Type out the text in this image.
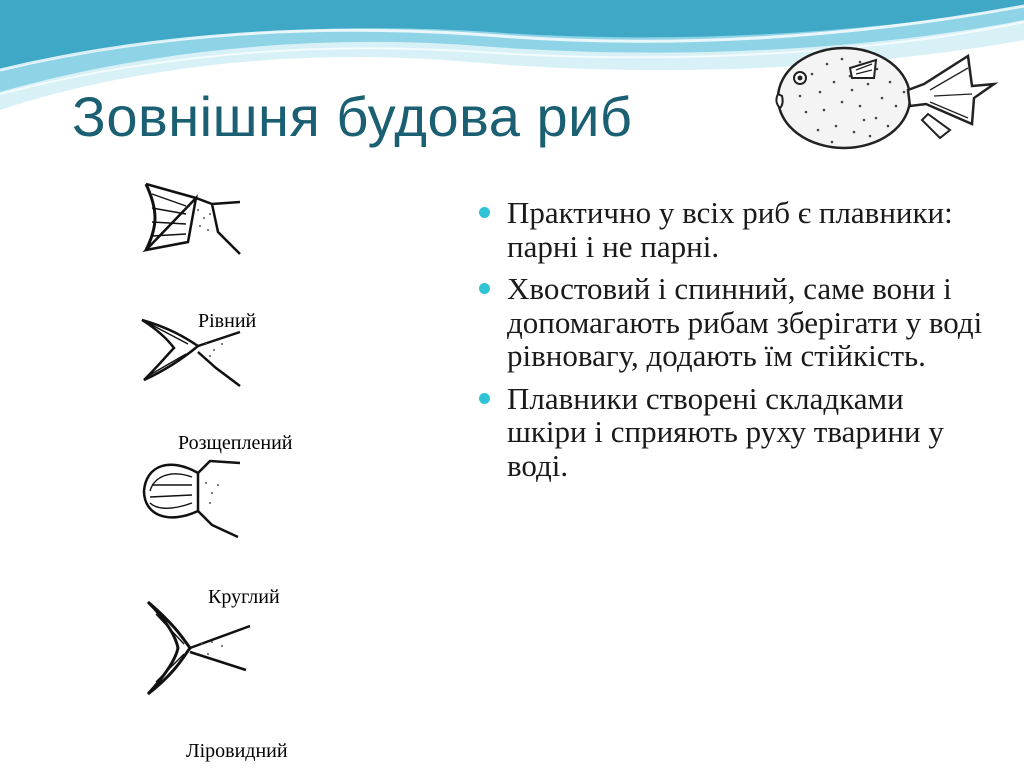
Зовнішня будова риб
Рівний
Розщеплений
Круглий
Ліровидний
Практично у всіх риб є плавники: парні і не парні.
Хвостовий і спинний, саме вони і допомагають рибам зберігати у воді рівновагу, додають їм стійкість.
Плавники створені складками шкіри і сприяють руху тварини у воді.
